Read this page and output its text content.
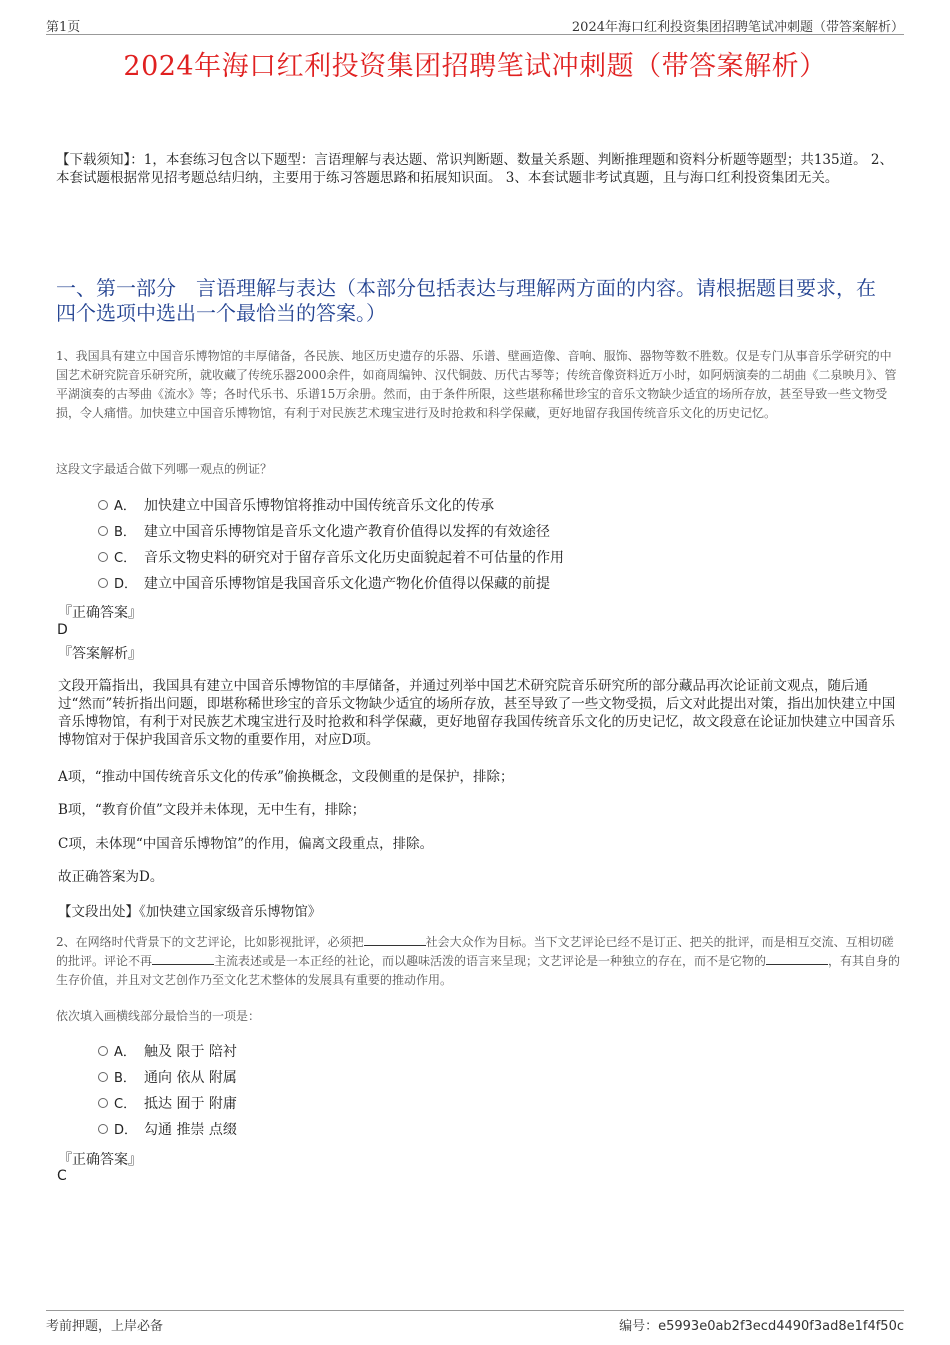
第1页	2024年海口红利投资集团招聘笔试冲刺题（带答案解析）
2024年海口红利投资集团招聘笔试冲刺题（带答案解析）

【下载须知】：1，本套练习包含以下题型：言语理解与表达题、常识判断题、数量关系题、判断推理题和资料分析题等题型；共135道。 2、本套试题根据常见招考题总结归纳，主要用于练习答题思路和拓展知识面。 3、本套试题非考试真题，且与海口红利投资集团无关。

一、第一部分　言语理解与表达（本部分包括表达与理解两方面的内容。请根据题目要求，在四个选项中选出一个最恰当的答案。）

1、我国具有建立中国音乐博物馆的丰厚储备，各民族、地区历史遗存的乐器、乐谱、壁画造像、音响、服饰、器物等数不胜数。仅是专门从事音乐学研究的中国艺术研究院音乐研究所，就收藏了传统乐器2000余件，如商周编钟、汉代铜鼓、历代古琴等；传统音像资料近万小时，如阿炳演奏的二胡曲《二泉映月》、管平湖演奏的古琴曲《流水》等；各时代乐书、乐谱15万余册。然而，由于条件所限，这些堪称稀世珍宝的音乐文物缺少适宜的场所存放，甚至导致一些文物受损，令人痛惜。加快建立中国音乐博物馆，有利于对民族艺术瑰宝进行及时抢救和科学保藏，更好地留存我国传统音乐文化的历史记忆。

这段文字最适合做下列哪一观点的例证？

A． 加快建立中国音乐博物馆将推动中国传统音乐文化的传承
B． 建立中国音乐博物馆是音乐文化遗产教育价值得以发挥的有效途径
C． 音乐文物史料的研究对于留存音乐文化历史面貌起着不可估量的作用
D． 建立中国音乐博物馆是我国音乐文化遗产物化价值得以保藏的前提
『正确答案』
D
『答案解析』

文段开篇指出，我国具有建立中国音乐博物馆的丰厚储备，并通过列举中国艺术研究院音乐研究所的部分藏品再次论证前文观点，随后通过“然而”转折指出问题，即堪称稀世珍宝的音乐文物缺少适宜的场所存放，甚至导致了一些文物受损，后文对此提出对策，指出加快建立中国音乐博物馆，有利于对民族艺术瑰宝进行及时抢救和科学保藏，更好地留存我国传统音乐文化的历史记忆，故文段意在论证加快建立中国音乐博物馆对于保护我国音乐文物的重要作用，对应D项。

A项，“推动中国传统音乐文化的传承”偷换概念，文段侧重的是保护，排除；

B项，“教育价值”文段并未体现，无中生有，排除；

C项，未体现“中国音乐博物馆”的作用，偏离文段重点，排除。

故正确答案为D。

【文段出处】《加快建立国家级音乐博物馆》

2、在网络时代背景下的文艺评论，比如影视批评，必须把	社会大众作为目标。当下文艺评论已经不是订正、把关的批评，而是相互交流、互相切磋的批评。评论不再	主流表述或是一本正经的社论，而以趣味活泼的语言来呈现；文艺评论是一种独立的存在，而不是它物的	，有其自身的生存价值，并且对文艺创作乃至文化艺术整体的发展具有重要的推动作用。

依次填入画横线部分最恰当的一项是：

A． 触及 限于 陪衬
B． 通向 依从 附属
C． 抵达 囿于 附庸
D． 勾通 推崇 点缀
『正确答案』
C
考前押题，上岸必备	编号：e5993e0ab2f3ecd4490f3ad8e1f4f50c
